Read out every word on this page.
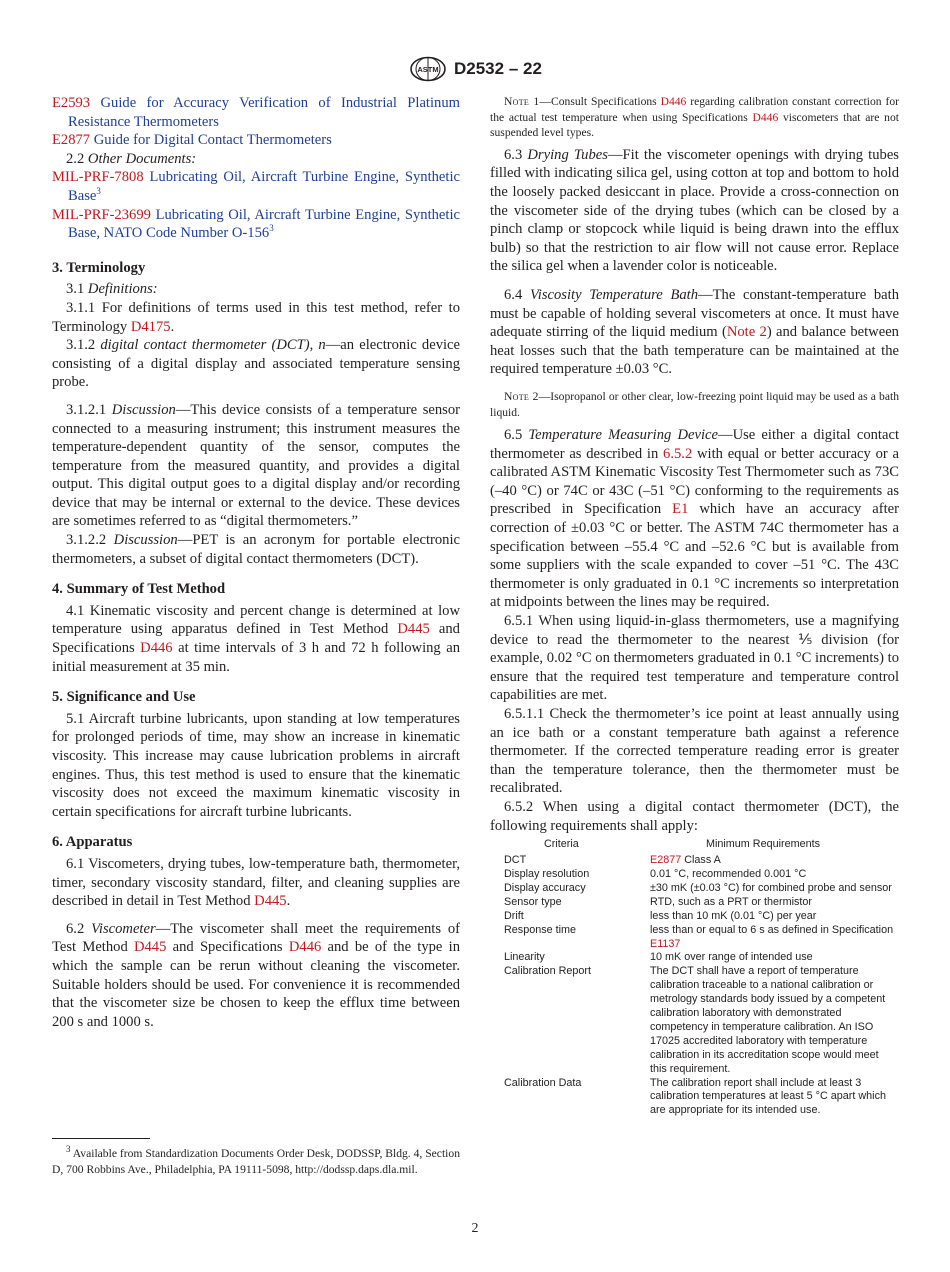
ASTM D2532 – 22

E2593 Guide for Accuracy Verification of Industrial Platinum Resistance Thermometers

E2877 Guide for Digital Contact Thermometers

2.2 Other Documents:

MIL-PRF-7808 Lubricating Oil, Aircraft Turbine Engine, Synthetic Base$^3$

MIL-PRF-23699 Lubricating Oil, Aircraft Turbine Engine, Synthetic Base, NATO Code Number $O-156^3$

3. Terminology

3.1 Definitions:

3.1.1 For definitions of terms used in this test method, refer to Terminology D4175.

3.1.2 digital contact thermometer (DCT), n—an electronic device consisting of a digital display and associated temperature sensing probe.

3.1.2.1 Discussion—This device consists of a temperature sensor connected to a measuring instrument; this instrument measures the temperature-dependent quantity of the sensor, computes the temperature from the measured quantity, and provides a digital output. This digital output goes to a digital display and/or recording device that may be internal or external to the device. These devices are sometimes referred to as “digital thermometers.”

3.1.2.2 Discussion—PET is an acronym for portable electronic thermometers, a subset of digital contact thermometers (DCT).

4. Summary of Test Method

4.1 Kinematic viscosity and percent change is determined at low temperature using apparatus defined in Test Method D445 and Specifications D446 at time intervals of 3 h and 72 h following an initial measurement at 35 min.

5. Significance and Use

5.1 Aircraft turbine lubricants, upon standing at low temperatures for prolonged periods of time, may show an increase in kinematic viscosity. This increase may cause lubrication problems in aircraft engines. Thus, this test method is used to ensure that the kinematic viscosity does not exceed the maximum kinematic viscosity in certain specifications for aircraft turbine lubricants.

6. Apparatus

6.1 Viscometers, drying tubes, low-temperature bath, thermometer, timer, secondary viscosity standard, filter, and cleaning supplies are described in detail in Test Method D445.

6.2 Viscometer—The viscometer shall meet the requirements of Test Method D445 and Specifications D446 and be of the type in which the sample can be rerun without cleaning the viscometer. Suitable holders should be used. For convenience it is recommended that the viscometer size be chosen to keep the efflux time between 200 s and 1000 s.

Note 1—Consult Specifications D446 regarding calibration constant correction for the actual test temperature when using Specifications D446 viscometers that are not suspended level types.

6.3 Drying Tubes—Fit the viscometer openings with drying tubes filled with indicating silica gel, using cotton at top and bottom to hold the loosely packed desiccant in place. Provide a cross-connection on the viscometer side of the drying tubes (which can be closed by a pinch clamp or stopcock while liquid is being drawn into the efflux bulb) so that the restriction to air flow will not cause error. Replace the silica gel when a lavender color is noticeable.

6.4 Viscosity Temperature Bath—The constant-temperature bath must be capable of holding several viscometers at once. It must have adequate stirring of the liquid medium (Note 2) and balance between heat losses such that the bath temperature can be maintained at the required temperature ±0.03 °C.

Note 2—Isopropanol or other clear, low-freezing point liquid may be used as a bath liquid.

6.5 Temperature Measuring Device—Use either a digital contact thermometer as described in 6.5.2 with equal or better accuracy or a calibrated ASTM Kinematic Viscosity Test Thermometer such as 73C (–40 °C) or 74C or 43C (–51 °C) conforming to the requirements as prescribed in Specification E1 which have an accuracy after correction of ±0.03 °C or better. The ASTM 74C thermometer has a specification between –55.4 °C and –52.6 °C but is available from some suppliers with the scale expanded to cover –51 °C. The 43C thermometer is only graduated in 0.1 °C increments so interpretation at midpoints between the lines may be required.

6.5.1 When using liquid-in-glass thermometers, use a magnifying device to read the thermometer to the nearest ⅕ division (for example, 0.02 °C on thermometers graduated in 0.1 °C increments) to ensure that the required test temperature and temperature control capabilities are met.

6.5.1.1 Check the thermometer’s ice point at least annually using an ice bath or a constant temperature bath against a reference thermometer. If the corrected temperature reading error is greater than the temperature tolerance, then the thermometer must be recalibrated.

6.5.2 When using a digital contact thermometer (DCT), the following requirements shall apply:

Criteria	Minimum Requirements
DCT	E2877 Class A
Display resolution	0.01 °C, recommended 0.001 °C
Display accuracy	±30 mK (±0.03 °C) for combined probe and sensor
Sensor type	RTD, such as a PRT or thermistor
Drift	less than 10 mK (0.01 °C) per year
Response time	less than or equal to 6 s as defined in Specification E1137
Linearity	10 mK over range of intended use
Calibration Report	The DCT shall have a report of temperature calibration traceable to a national calibration or metrology standards body issued by a competent calibration laboratory with demonstrated competency in temperature calibration. An ISO 17025 accredited laboratory with temperature calibration in its accreditation scope would meet this requirement.
Calibration Data	The calibration report shall include at least 3 calibration temperatures at least 5 °C apart which are appropriate for its intended use.
$^3$ Available from Standardization Documents Order Desk, DODSSP, Bldg. 4, Section D, 700 Robbins Ave., Philadelphia, PA 19111-5098, http://dodssp.daps.dla.mil.
2
